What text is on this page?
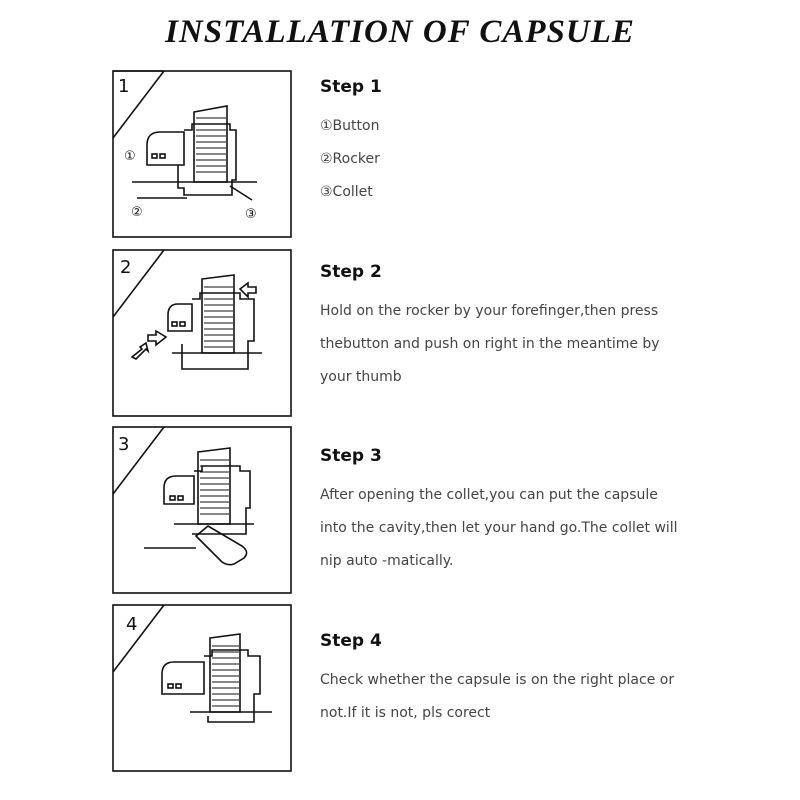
INSTALLATION OF CAPSULE
1
①
②	③
2
3
4
Step 1
①Button
②Rocker
③Collet
Step 2
Hold on the rocker by your forefinger,then press
thebutton and push on right in the meantime by
your thumb
Step 3
After opening the collet,you can put the capsule
into the cavity,then let your hand go.The collet will
nip auto -matically.
Step 4
Check whether the capsule is on the right place or
not.If it is not, pls corect
